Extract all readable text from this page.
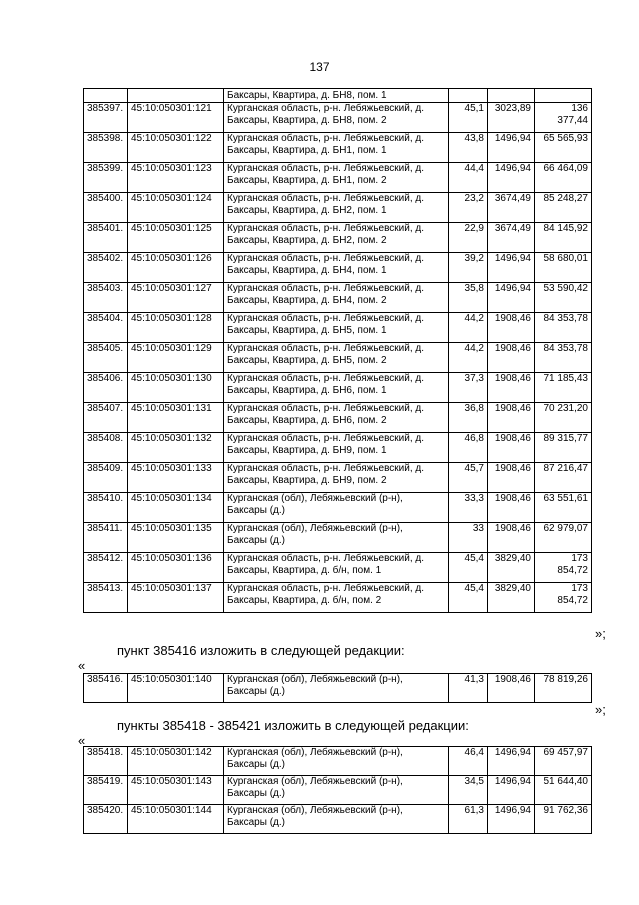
137

		Баксары, Квартира, д. БН8, пом. 1			

385397.	45:10:050301:121	Курганская область, р-н. Лебяжьевский, д.
Баксары, Квартира, д. БН8, пом. 2	45,1	3023,89	136 377,44
385398.	45:10:050301:122	Курганская область, р-н. Лебяжьевский, д.
Баксары, Квартира, д. БН1, пом. 1	43,8	1496,94	65 565,93
385399.	45:10:050301:123	Курганская область, р-н. Лебяжьевский, д.
Баксары, Квартира, д. БН1, пом. 2	44,4	1496,94	66 464,09
385400.	45:10:050301:124	Курганская область, р-н. Лебяжьевский, д.
Баксары, Квартира, д. БН2, пом. 1	23,2	3674,49	85 248,27
385401.	45:10:050301:125	Курганская область, р-н. Лебяжьевский, д.
Баксары, Квартира, д. БН2, пом. 2	22,9	3674,49	84 145,92
385402.	45:10:050301:126	Курганская область, р-н. Лебяжьевский, д.
Баксары, Квартира, д. БН4, пом. 1	39,2	1496,94	58 680,01
385403.	45:10:050301:127	Курганская область, р-н. Лебяжьевский, д.
Баксары, Квартира, д. БН4, пом. 2	35,8	1496,94	53 590,42
385404.	45:10:050301:128	Курганская область, р-н. Лебяжьевский, д.
Баксары, Квартира, д. БН5, пом. 1	44,2	1908,46	84 353,78
385405.	45:10:050301:129	Курганская область, р-н. Лебяжьевский, д.
Баксары, Квартира, д. БН5, пом. 2	44,2	1908,46	84 353,78
385406.	45:10:050301:130	Курганская область, р-н. Лебяжьевский, д.
Баксары, Квартира, д. БН6, пом. 1	37,3	1908,46	71 185,43
385407.	45:10:050301:131	Курганская область, р-н. Лебяжьевский, д.
Баксары, Квартира, д. БН6, пом. 2	36,8	1908,46	70 231,20
385408.	45:10:050301:132	Курганская область, р-н. Лебяжьевский, д.
Баксары, Квартира, д. БН9, пом. 1	46,8	1908,46	89 315,77
385409.	45:10:050301:133	Курганская область, р-н. Лебяжьевский, д.
Баксары, Квартира, д. БН9, пом. 2	45,7	1908,46	87 216,47
385410.	45:10:050301:134	Курганская (обл), Лебяжьевский (р-н),
Баксары (д.)	33,3	1908,46	63 551,61
385411.	45:10:050301:135	Курганская (обл), Лебяжьевский (р-н),
Баксары (д.)	33	1908,46	62 979,07
385412.	45:10:050301:136	Курганская область, р-н. Лебяжьевский, д.
Баксары, Квартира, д. б/н, пом. 1	45,4	3829,40	173 854,72
385413.	45:10:050301:137	Курганская область, р-н. Лебяжьевский, д.
Баксары, Квартира, д. б/н, пом. 2	45,4	3829,40	173 854,72
»;
пункт 385416 изложить в следующей редакции:
«
385416.	45:10:050301:140	Курганская (обл), Лебяжьевский (р-н),
Баксары (д.)
	41,3	1908,46	78 819,26
»;
пункты 385418 - 385421 изложить в следующей редакции:
«
385418.	45:10:050301:142	Курганская (обл), Лебяжьевский (р-н),
Баксары (д.)	46,4	1496,94	69 457,97
385419.	45:10:050301:143	Курганская (обл), Лебяжьевский (р-н),
Баксары (д.)	34,5	1496,94	51 644,40
385420.	45:10:050301:144	Курганская (обл), Лебяжьевский (р-н),
Баксары (д.)	61,3	1496,94	91 762,36
